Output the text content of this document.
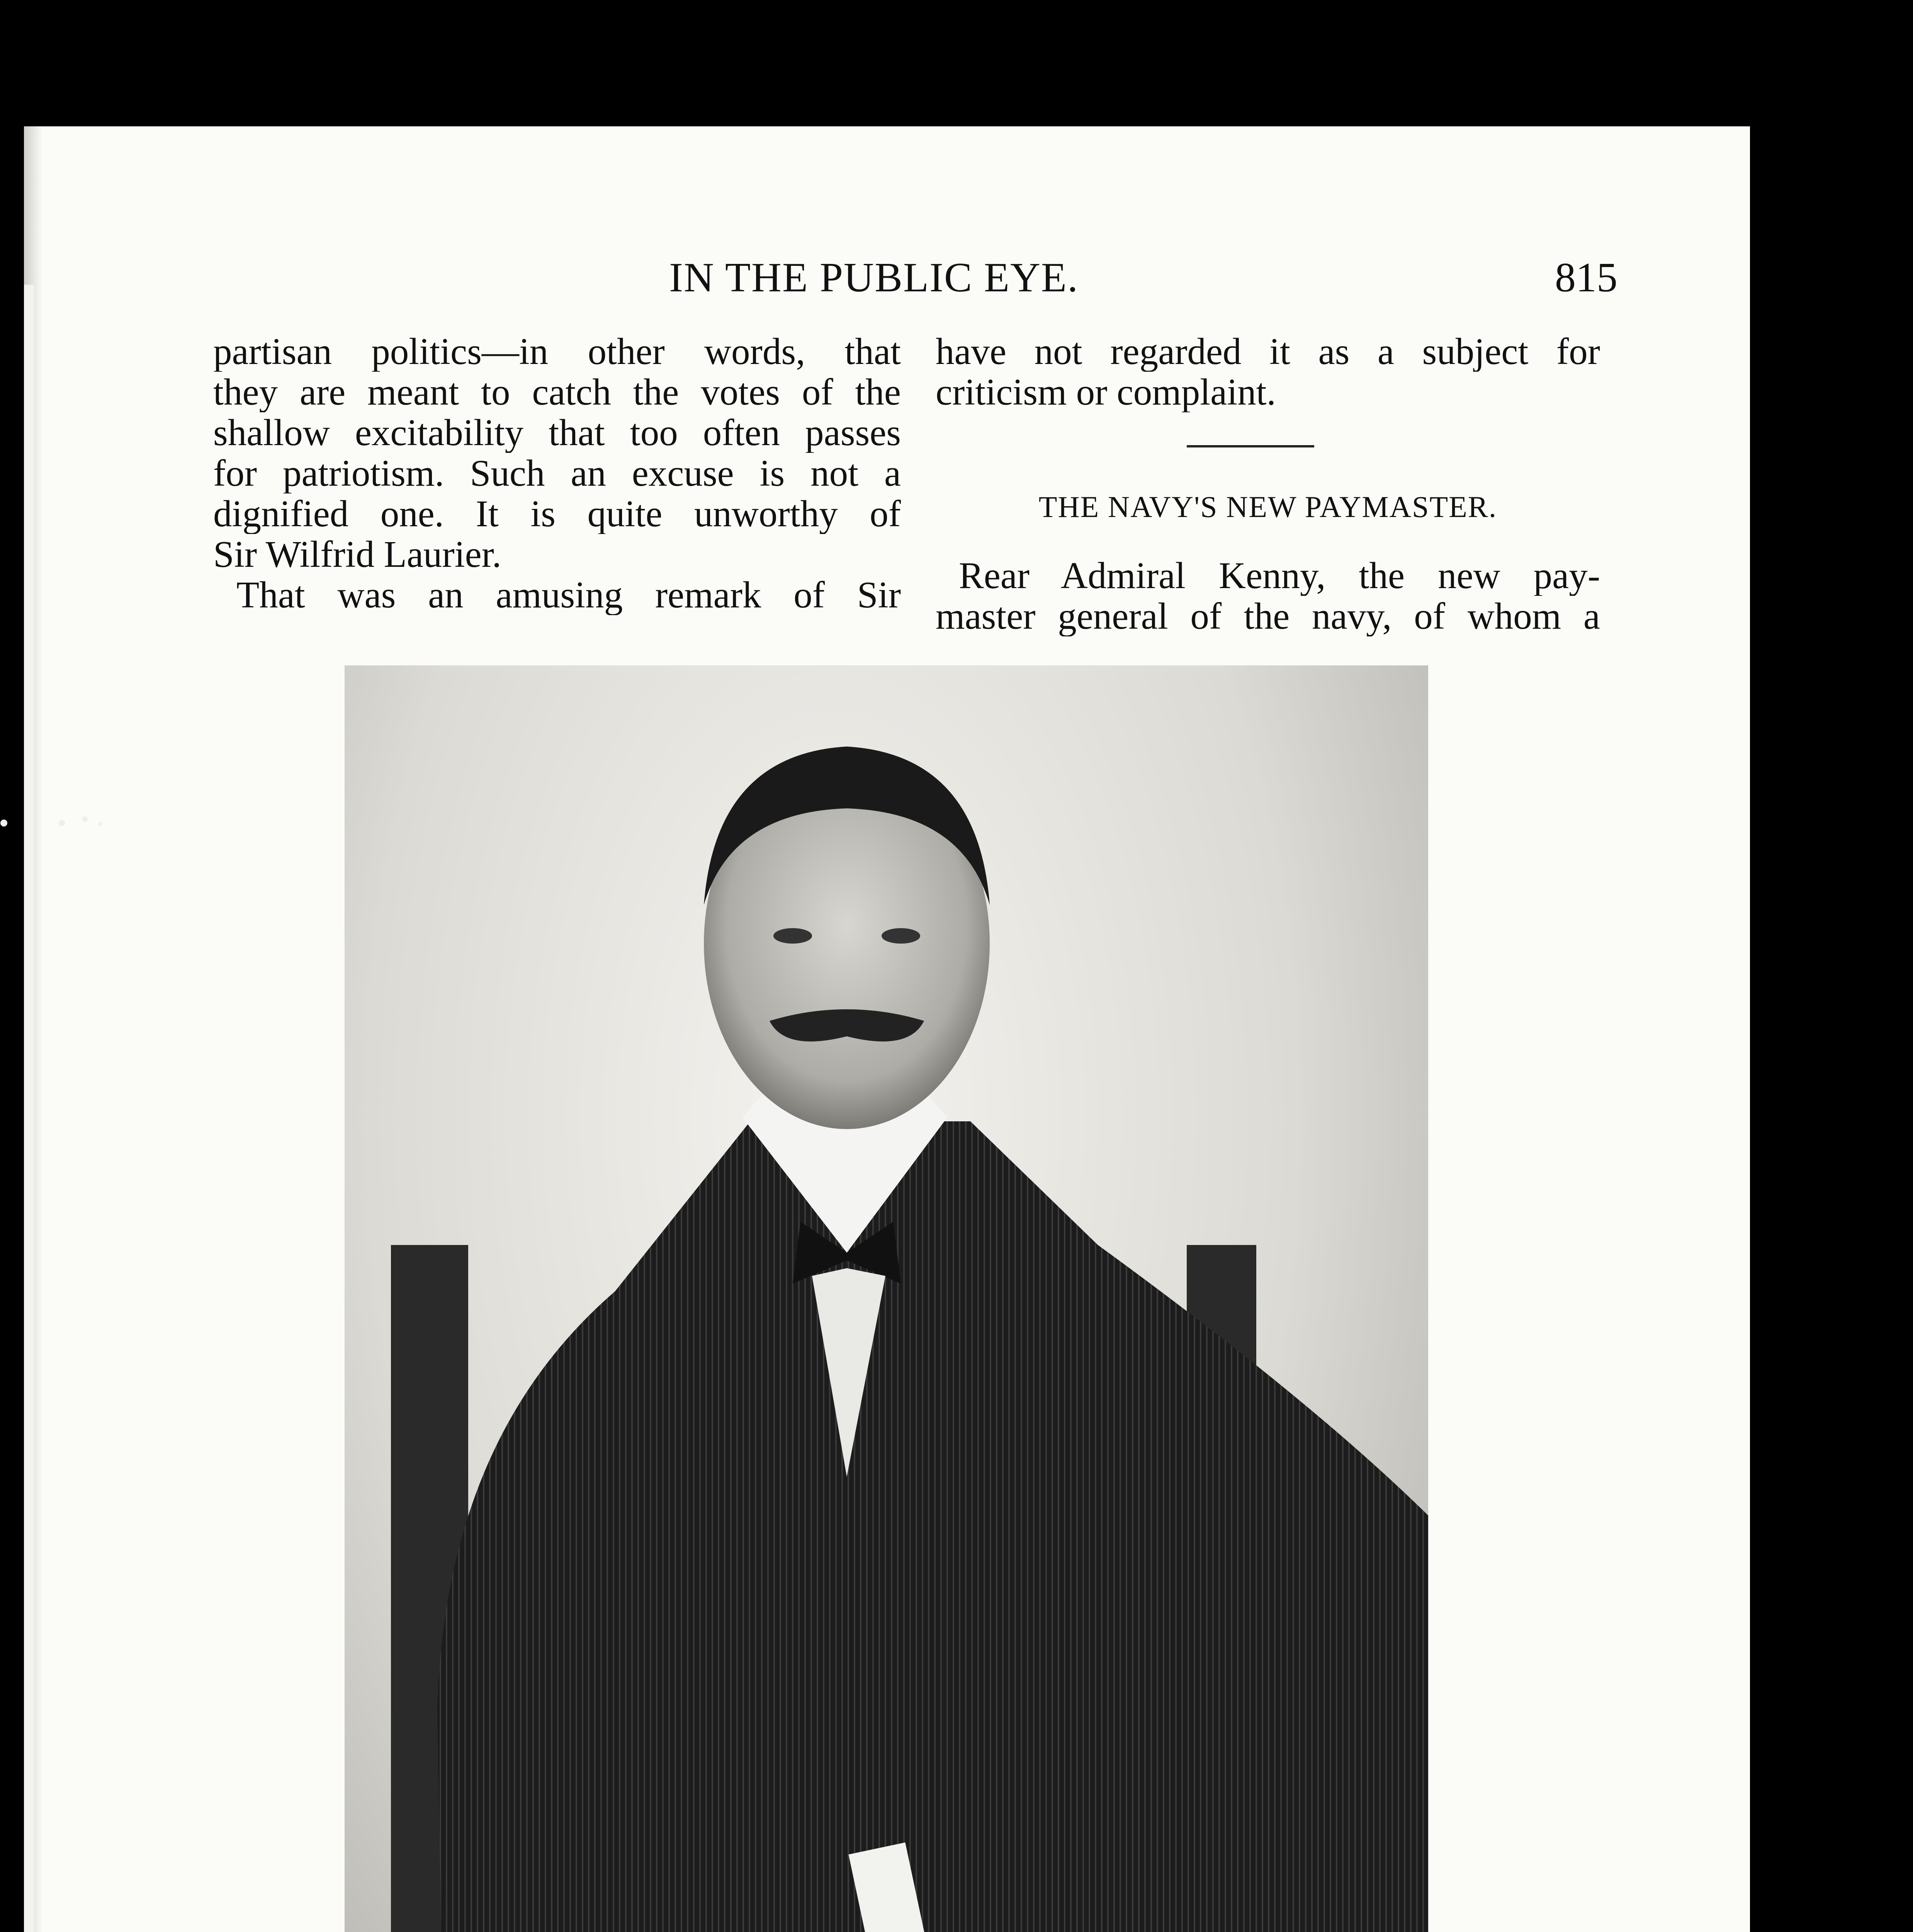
IN THE PUBLIC EYE.	815

partisan politics—in other words, that
they are meant to catch the votes of the
shallow excitability that too often passes
for patriotism. Such an excuse is not a
dignified one. It is quite unworthy of
Sir Wilfrid Laurier.
That was an amusing remark of Sir

have not regarded it as a subject for
criticism or complaint.

THE NAVY'S NEW PAYMASTER.

Rear Admiral Kenny, the new pay-
master general of the navy, of whom a
